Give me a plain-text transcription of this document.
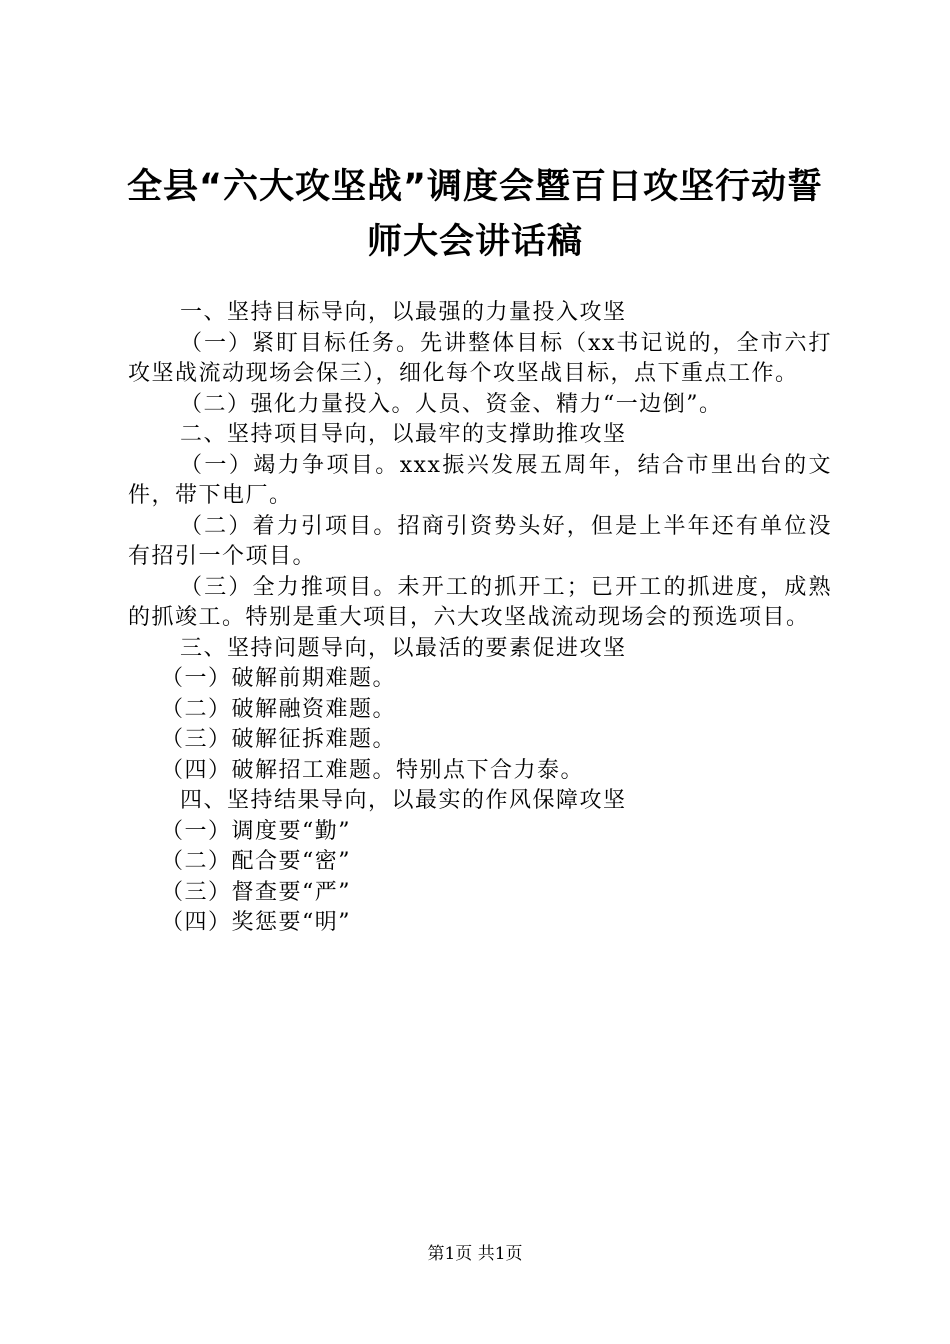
全县“六大攻坚战”调度会暨百日攻坚行动誓师大会讲话稿

一、坚持目标导向，以最强的力量投入攻坚

（一）紧盯目标任务。先讲整体目标（xx书记说的，全市六打攻坚战流动现场会保三），细化每个攻坚战目标，点下重点工作。

（二）强化力量投入。人员、资金、精力“一边倒”。

二、坚持项目导向，以最牢的支撑助推攻坚

（一）竭力争项目。xxx振兴发展五周年，结合市里出台的文件，带下电厂。

（二）着力引项目。招商引资势头好，但是上半年还有单位没有招引一个项目。

（三）全力推项目。未开工的抓开工；已开工的抓进度，成熟的抓竣工。特别是重大项目，六大攻坚战流动现场会的预选项目。

三、坚持问题导向，以最活的要素促进攻坚

（一）破解前期难题。

（二）破解融资难题。

（三）破解征拆难题。

（四）破解招工难题。特别点下合力泰。

四、坚持结果导向，以最实的作风保障攻坚

（一）调度要“勤”

（二）配合要“密”

（三）督查要“严”

（四）奖惩要“明”

第1页 共1页
